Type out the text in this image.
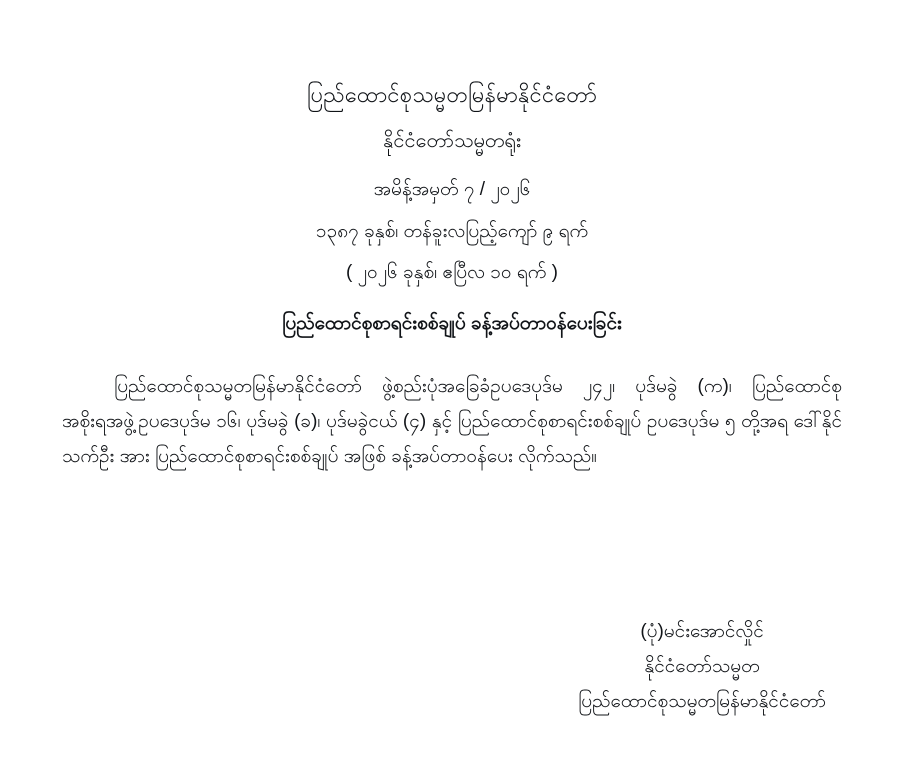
ပြည်ထောင်စုသမ္မတမြန်မာနိုင်ငံတော်
နိုင်ငံတော်သမ္မတရုံး
အမိန့်အမှတ် ၇ / ၂၀၂၆
၁၃၈၇ ခုနှစ်၊ တန်ခူးလပြည့်ကျော် ၉ ရက်
( ၂၀၂၆ ခုနှစ်၊ ဧပြီလ ၁၀ ရက် )
ပြည်ထောင်စုစာရင်းစစ်ချုပ် ခန့်အပ်တာဝန်ပေးခြင်း

ပြည်ထောင်စုသမ္မတမြန်မာနိုင်ငံတော် ဖွဲ့စည်းပုံအခြေခံဥပဒေပုဒ်မ ၂၄၂၊ ပုဒ်မခွဲ (က)၊ ပြည်ထောင်စုအစိုးရအဖွဲ့ဥပဒေပုဒ်မ ၁၆၊ ပုဒ်မခွဲ (ခ)၊ ပုဒ်မခွဲငယ် (၄) နှင့် ပြည်ထောင်စုစာရင်းစစ်ချုပ် ဥပဒေပုဒ်မ ၅ တို့အရ ဒေါ်နိုင်သက်ဦး အား ပြည်ထောင်စုစာရင်းစစ်ချုပ် အဖြစ် ခန့်အပ်တာဝန်ပေး လိုက်သည်။

(ပုံ)မင်းအောင်လှိုင်
နိုင်ငံတော်သမ္မတ
ပြည်ထောင်စုသမ္မတမြန်မာနိုင်ငံတော်
